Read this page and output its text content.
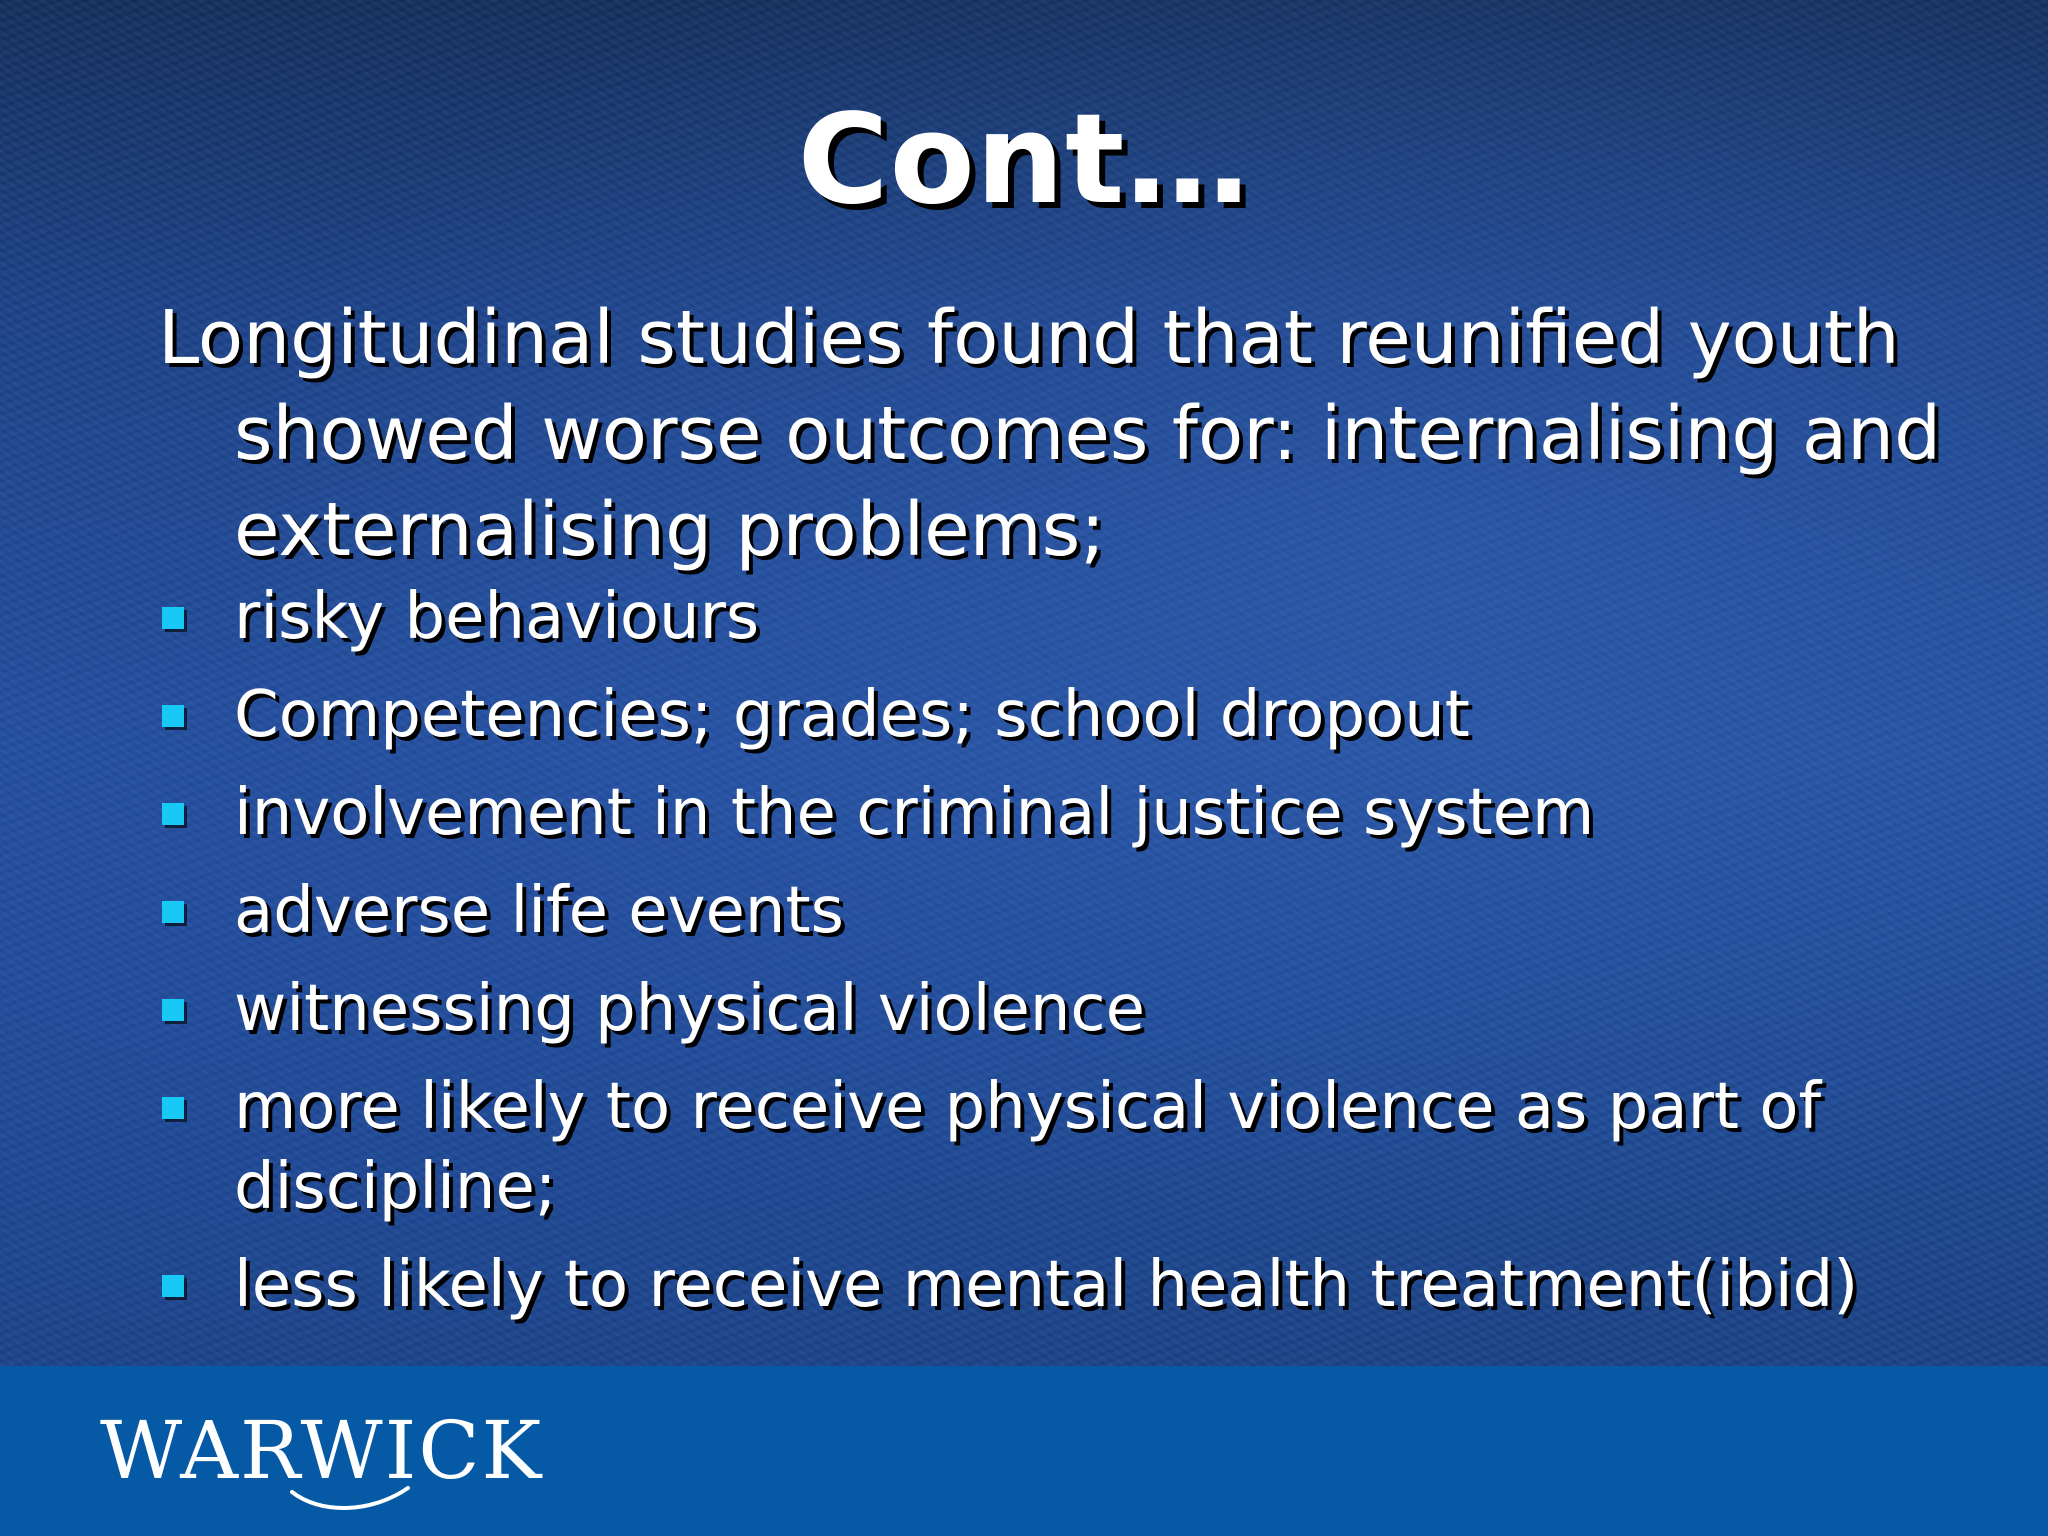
Cont…

Longitudinal studies found that reunified youth showed worse outcomes for: internalising and externalising problems;

risky behaviours
Competencies; grades; school dropout
involvement in the criminal justice system
adverse life events
witnessing physical violence
more likely to receive physical violence as part of discipline;
less likely to receive mental health treatment(ibid)
WARWICK
